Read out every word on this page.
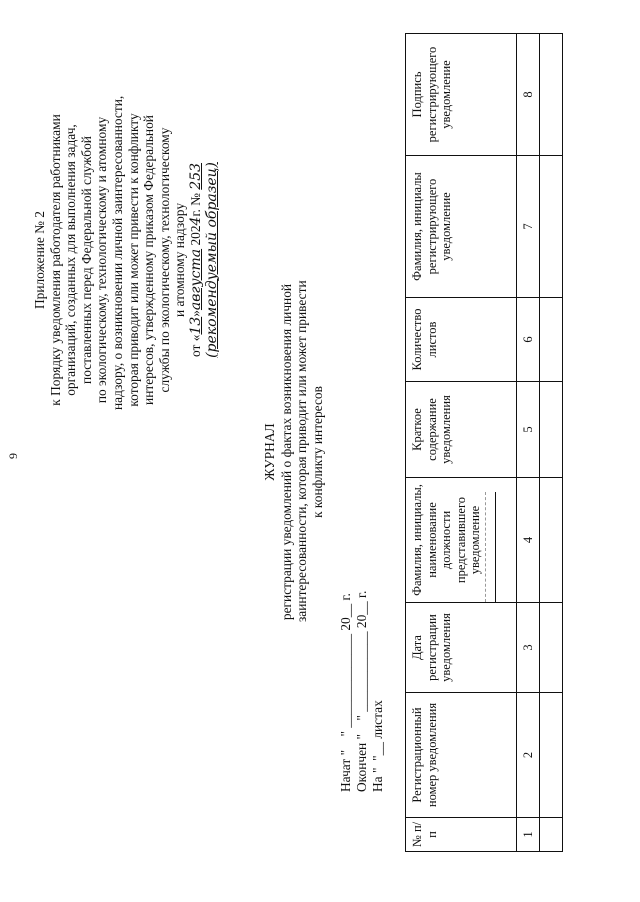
9
Приложение № 2 к Порядку уведомления работодателя работниками организаций, созданных для выполнения задач, поставленных перед Федеральной службой по экологическому, технологическому и атомному надзору, о возникновении личной заинтересованности, которая приводит или может привести к конфликту интересов, утвержденному приказом Федеральной службы по экологическому, технологическому и атомному надзору
от «13»августа 2024г. № 253 (рекомендуемый образец)
ЖУРНАЛ регистрации уведомлений о фактах возникновения личной заинтересованности, которая приводит или может привести к конфликту интересов
Начат "    " ______________ 20__ г. Окончен "    " ____________ 20__ г. На "  "__ листах
№ п/п	Регистрационный номер уведомления	Дата регистрации уведомления	Фамилия, инициалы, наименование должности представившего уведомление	Краткое содержание уведомления	Количество листов	Фамилия, инициалы регистрирующего уведомление	Подпись регистрирующего уведомление
1	2	3	4	5	6	7	8
